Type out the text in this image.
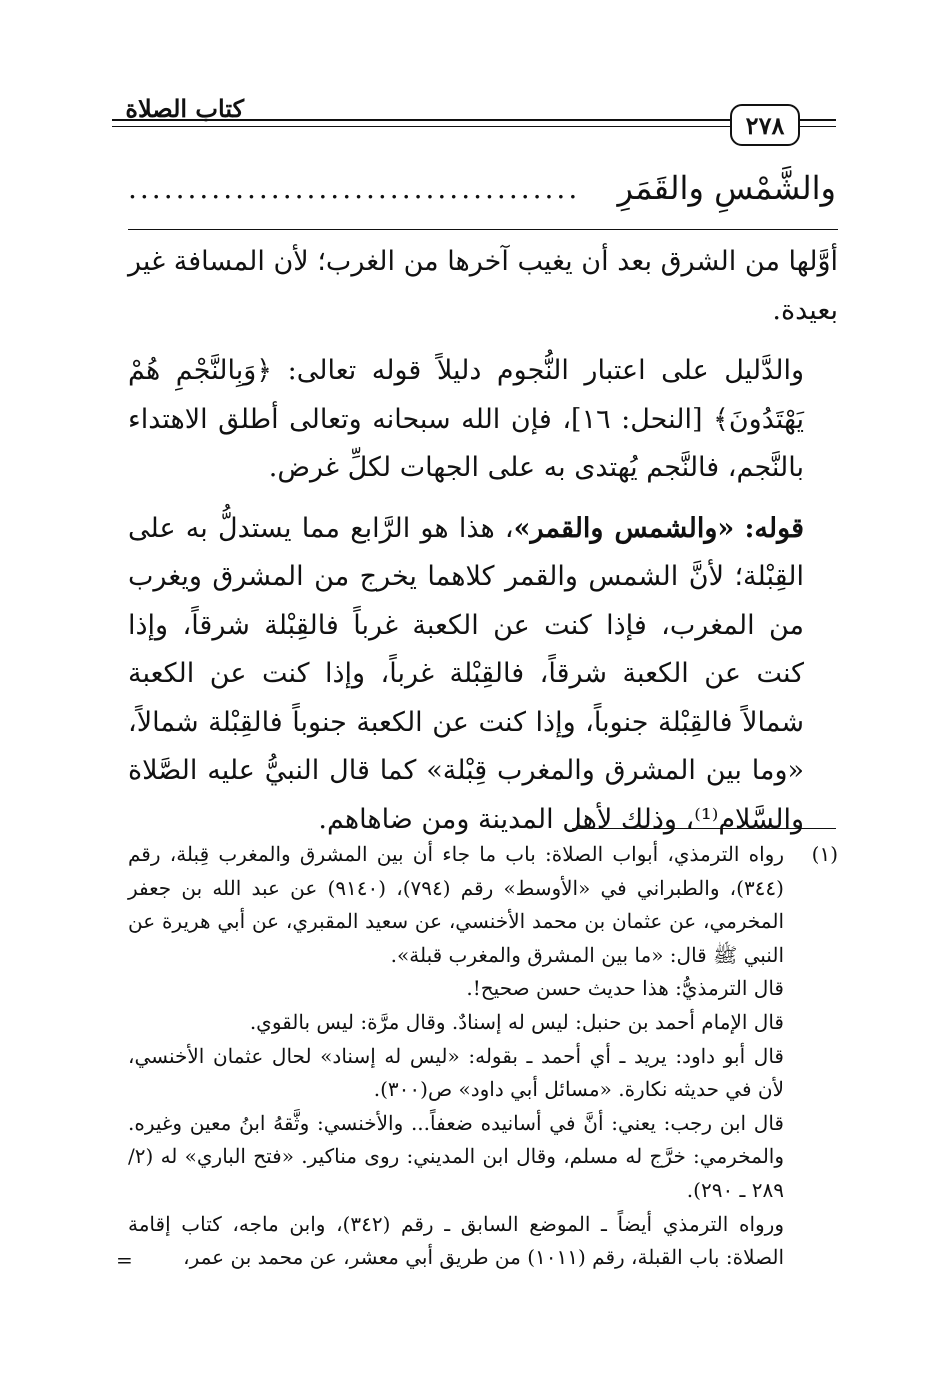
كتاب الصلاة
٢٧٨
والشَّمْسِ والقَمَرِ
......................................

أوَّلها من الشرق بعد أن يغيب آخرها من الغرب؛ لأن المسافة غير بعيدة.

والدَّليل على اعتبار النُّجوم دليلاً قوله تعالى: ﴿وَبِالنَّجْمِ هُمْ يَهْتَدُونَ﴾ [النحل: ١٦]، فإن الله سبحانه وتعالى أطلق الاهتداء بالنَّجم، فالنَّجم يُهتدى به على الجهات لكلِّ غرض.

قوله: «والشمس والقمر»، هذا هو الرَّابع مما يستدلُّ به على القِبْلة؛ لأنَّ الشمس والقمر كلاهما يخرج من المشرق ويغرب من المغرب، فإذا كنت عن الكعبة غرباً فالقِبْلة شرقاً، وإذا كنت عن الكعبة شرقاً، فالقِبْلة غرباً، وإذا كنت عن الكعبة شمالاً فالقِبْلة جنوباً، وإذا كنت عن الكعبة جنوباً فالقِبْلة شمالاً، «وما بين المشرق والمغرب قِبْلة» كما قال النبيُّ عليه الصَّلاة والسَّلام⁽¹⁾، وذلك لأهل المدينة ومن ضاهاهم.

(١)

رواه الترمذي، أبواب الصلاة: باب ما جاء أن بين المشرق والمغرب قِبلة، رقم (٣٤٤)، والطبراني في «الأوسط» رقم (٧٩٤)، (٩١٤٠) عن عبد الله بن جعفر المخرمي، عن عثمان بن محمد الأخنسي، عن سعيد المقبري، عن أبي هريرة عن النبي ﷺ قال: «ما بين المشرق والمغرب قبلة».

قال الترمذيُّ: هذا حديث حسن صحيح!.

قال الإمام أحمد بن حنبل: ليس له إسنادٌ. وقال مرَّة: ليس بالقوي.

قال أبو داود: يريد ـ أي أحمد ـ بقوله: «ليس له إسناد» لحال عثمان الأخنسي، لأن في حديثه نكارة. «مسائل أبي داود» ص(٣٠٠).

قال ابن رجب: يعني: أنَّ في أسانيده ضعفاً... والأخنسي: وثَّقهُ ابنُ معين وغيره. والمخرمي: خرَّج له مسلم، وقال ابن المديني: روى مناكير. «فتح الباري» له (٢/ ٢٨٩ ـ ٢٩٠).

ورواه الترمذي أيضاً ـ الموضع السابق ـ رقم (٣٤٢)، وابن ماجه، كتاب إقامة الصلاة: باب القبلة، رقم (١٠١١) من طريق أبي معشر، عن محمد بن عمر،

=
